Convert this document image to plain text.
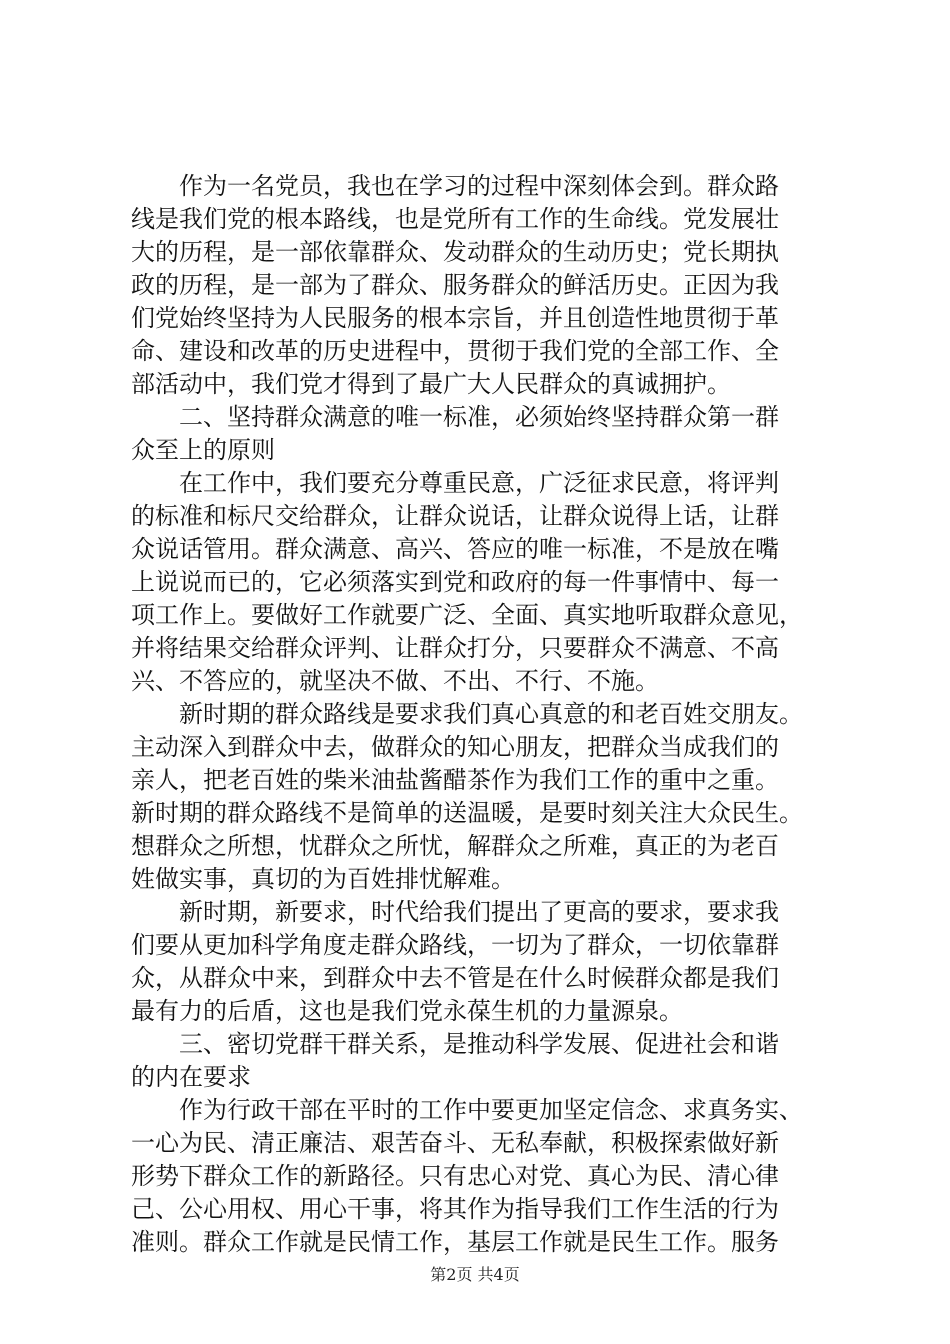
作为一名党员，我也在学习的过程中深刻体会到。群众路
线是我们党的根本路线，也是党所有工作的生命线。党发展壮
大的历程，是一部依靠群众、发动群众的生动历史；党长期执
政的历程，是一部为了群众、服务群众的鲜活历史。正因为我
们党始终坚持为人民服务的根本宗旨，并且创造性地贯彻于革
命、建设和改革的历史进程中，贯彻于我们党的全部工作、全
部活动中，我们党才得到了最广大人民群众的真诚拥护。
二、坚持群众满意的唯一标准，必须始终坚持群众第一群
众至上的原则
在工作中，我们要充分尊重民意，广泛征求民意，将评判
的标准和标尺交给群众，让群众说话，让群众说得上话，让群
众说话管用。群众满意、高兴、答应的唯一标准，不是放在嘴
上说说而已的，它必须落实到党和政府的每一件事情中、每一
项工作上。要做好工作就要广泛、全面、真实地听取群众意见，
并将结果交给群众评判、让群众打分，只要群众不满意、不高
兴、不答应的，就坚决不做、不出、不行、不施。
新时期的群众路线是要求我们真心真意的和老百姓交朋友。
主动深入到群众中去，做群众的知心朋友，把群众当成我们的
亲人，把老百姓的柴米油盐酱醋茶作为我们工作的重中之重。
新时期的群众路线不是简单的送温暖，是要时刻关注大众民生。
想群众之所想，忧群众之所忧，解群众之所难，真正的为老百
姓做实事，真切的为百姓排忧解难。
新时期，新要求，时代给我们提出了更高的要求，要求我
们要从更加科学角度走群众路线，一切为了群众，一切依靠群
众，从群众中来，到群众中去不管是在什么时候群众都是我们
最有力的后盾，这也是我们党永葆生机的力量源泉。
三、密切党群干群关系，是推动科学发展、促进社会和谐
的内在要求
作为行政干部在平时的工作中要更加坚定信念、求真务实、
一心为民、清正廉洁、艰苦奋斗、无私奉献，积极探索做好新
形势下群众工作的新路径。只有忠心对党、真心为民、清心律
己、公心用权、用心干事，将其作为指导我们工作生活的行为
准则。群众工作就是民情工作，基层工作就是民生工作。服务
第2页 共4页
